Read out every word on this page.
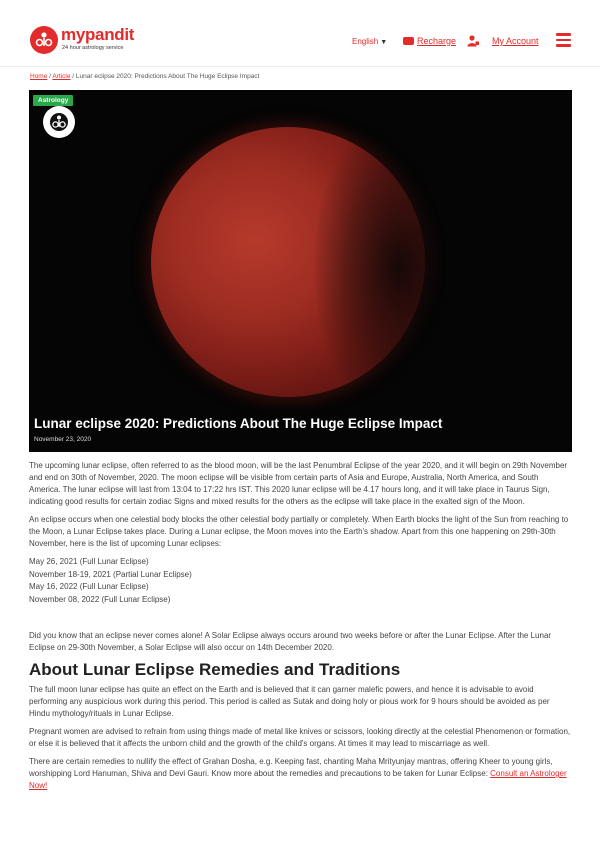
mypandit
24 hour astrology service
English ▼	Recharge	My Account
Home / Article / Lunar eclipse 2020: Predictions About The Huge Eclipse Impact
Astrology
Lunar eclipse 2020: Predictions About The Huge Eclipse Impact
November 23, 2020

The upcoming lunar eclipse, often referred to as the blood moon, will be the last Penumbral Eclipse of the year 2020, and it will begin on 29th November and end on 30th of November, 2020. The moon eclipse will be visible from certain parts of Asia and Europe, Australia, North America, and South America. The lunar eclipse will last from 13:04 to 17:22 hrs IST. This 2020 lunar eclipse will be 4.17 hours long, and it will take place in Taurus Sign, indicating good results for certain zodiac Signs and mixed results for the others as the eclipse will take place in the exalted sign of the Moon.

An eclipse occurs when one celestial body blocks the other celestial body partially or completely. When Earth blocks the light of the Sun from reaching to the Moon, a Lunar Eclipse takes place. During a Lunar eclipse, the Moon moves into the Earth's shadow. Apart from this one happening on 29th-30th November, here is the list of upcoming Lunar eclipses:

May 26, 2021 (Full Lunar Eclipse)
November 18-19, 2021 (Partial Lunar Eclipse)
May 16, 2022 (Full Lunar Eclipse)
November 08, 2022 (Full Lunar Eclipse)

Did you know that an eclipse never comes alone! A Solar Eclipse always occurs around two weeks before or after the Lunar Eclipse. After the Lunar Eclipse on 29-30th November, a Solar Eclipse will also occur on 14th December 2020.

About Lunar Eclipse Remedies and Traditions

The full moon lunar eclipse has quite an effect on the Earth and is believed that it can garner malefic powers, and hence it is advisable to avoid performing any auspicious work during this period. This period is called as Sutak and doing holy or pious work for 9 hours should be avoided as per Hindu mythology/rituals in Lunar Eclipse.

Pregnant women are advised to refrain from using things made of metal like knives or scissors, looking directly at the celestial Phenomenon or formation, or else it is believed that it affects the unborn child and the growth of the child's organs. At times it may lead to miscarriage as well.

There are certain remedies to nullify the effect of Grahan Dosha, e.g. Keeping fast, chanting Maha Mrityunjay mantras, offering Kheer to young girls, worshipping Lord Hanuman, Shiva and Devi Gauri. Know more about the remedies and precautions to be taken for Lunar Eclipse: Consult an Astrologer Now!
